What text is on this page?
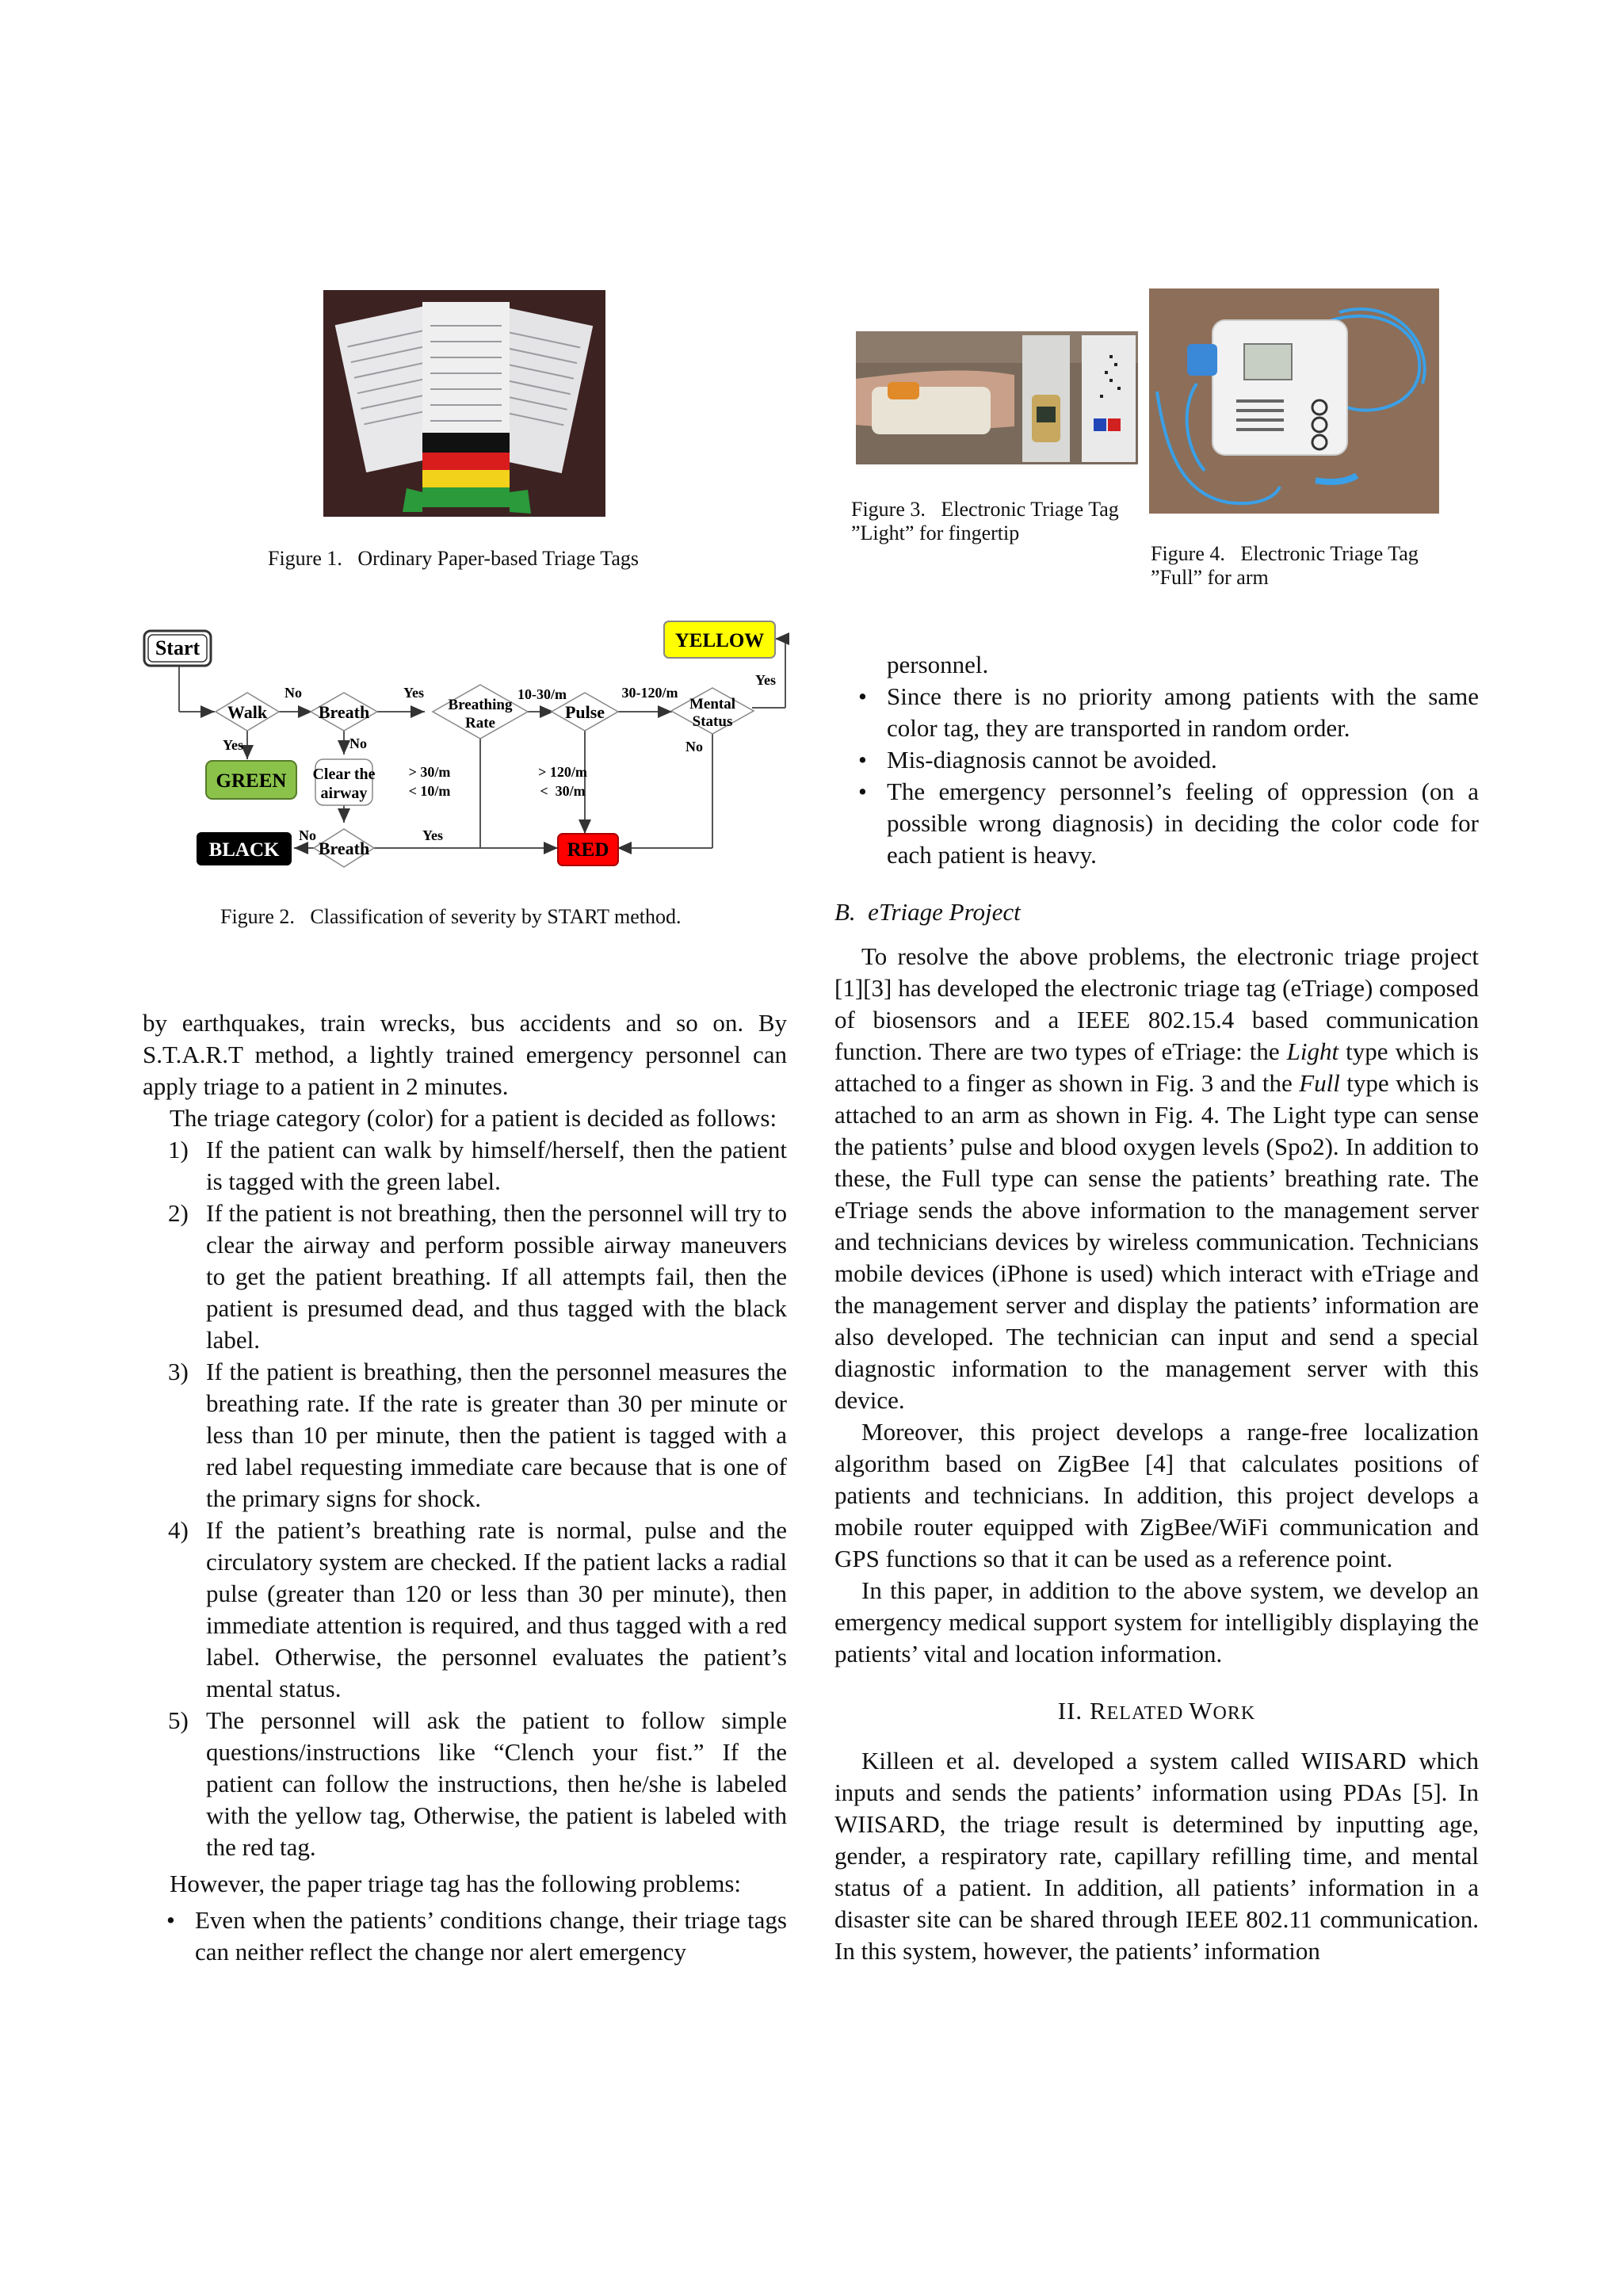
Figure 1.   Ordinary Paper-based Triage Tags
Figure 3.   Electronic Triage Tag
”Light” for fingertip
Figure 4.   Electronic Triage Tag
”Full” for arm
Start
Walk	Breath	Breathing
Rate
Pulse	Mental
Status
Breath
Clear the
airway
GREEN
YELLOW
RED
BLACK
No	Yes
Yes	No
No	Yes
10-30/m	30-120/m
Yes
No
> 30/m
< 10/m
> 120/m
<  30/m
Figure 2.   Classification of severity by START method.

by earthquakes, train wrecks, bus accidents and so on. By S.T.A.R.T method, a lightly trained emergency personnel can apply triage to a patient in 2 minutes.

The triage category (color) for a patient is decided as follows:

1) If the patient can walk by himself/herself, then the patient is tagged with the green label.
2) If the patient is not breathing, then the personnel will try to clear the airway and perform possible airway maneuvers to get the patient breathing. If all attempts fail, then the patient is presumed dead, and thus tagged with the black label.
3) If the patient is breathing, then the personnel measures the breathing rate. If the rate is greater than 30 per minute or less than 10 per minute, then the patient is tagged with a red label requesting immediate care because that is one of the primary signs for shock.
4) If the patient’s breathing rate is normal, pulse and the circulatory system are checked. If the patient lacks a radial pulse (greater than 120 or less than 30 per minute), then immediate attention is required, and thus tagged with a red label. Otherwise, the personnel evaluates the patient’s mental status.
5) The personnel will ask the patient to follow simple questions/instructions like “Clench your fist.” If the patient can follow the instructions, then he/she is labeled with the yellow tag, Otherwise, the patient is labeled with the red tag.

However, the paper triage tag has the following problems:

• Even when the patients’ conditions change, their triage tags can neither reflect the change nor alert emergency
personnel.
• Since there is no priority among patients with the same color tag, they are transported in random order.
• Mis-diagnosis cannot be avoided.
• The emergency personnel’s feeling of oppression (on a possible wrong diagnosis) in deciding the color code for each patient is heavy.

B.  eTriage Project

To resolve the above problems, the electronic triage project [1][3] has developed the electronic triage tag (eTriage) composed of biosensors and a IEEE 802.15.4 based communication function. There are two types of eTriage: the Light type which is attached to a finger as shown in Fig. 3 and the Full type which is attached to an arm as shown in Fig. 4. The Light type can sense the patients’ pulse and blood oxygen levels (Spo2). In addition to these, the Full type can sense the patients’ breathing rate. The eTriage sends the above information to the management server and technicians devices by wireless communication. Technicians mobile devices (iPhone is used) which interact with eTriage and the management server and display the patients’ information are also developed. The technician can input and send a special diagnostic information to the management server with this device.

Moreover, this project develops a range-free localization algorithm based on ZigBee [4] that calculates positions of patients and technicians. In addition, this project develops a mobile router equipped with ZigBee/WiFi communication and GPS functions so that it can be used as a reference point.

In this paper, in addition to the above system, we develop an emergency medical support system for intelligibly displaying the patients’ vital and location information.

II. RELATED WORK

Killeen et al. developed a system called WIISARD which inputs and sends the patients’ information using PDAs [5]. In WIISARD, the triage result is determined by inputting age, gender, a respiratory rate, capillary refilling time, and mental status of a patient. In addition, all patients’ information in a disaster site can be shared through IEEE 802.11 communication. In this system, however, the patients’ information
